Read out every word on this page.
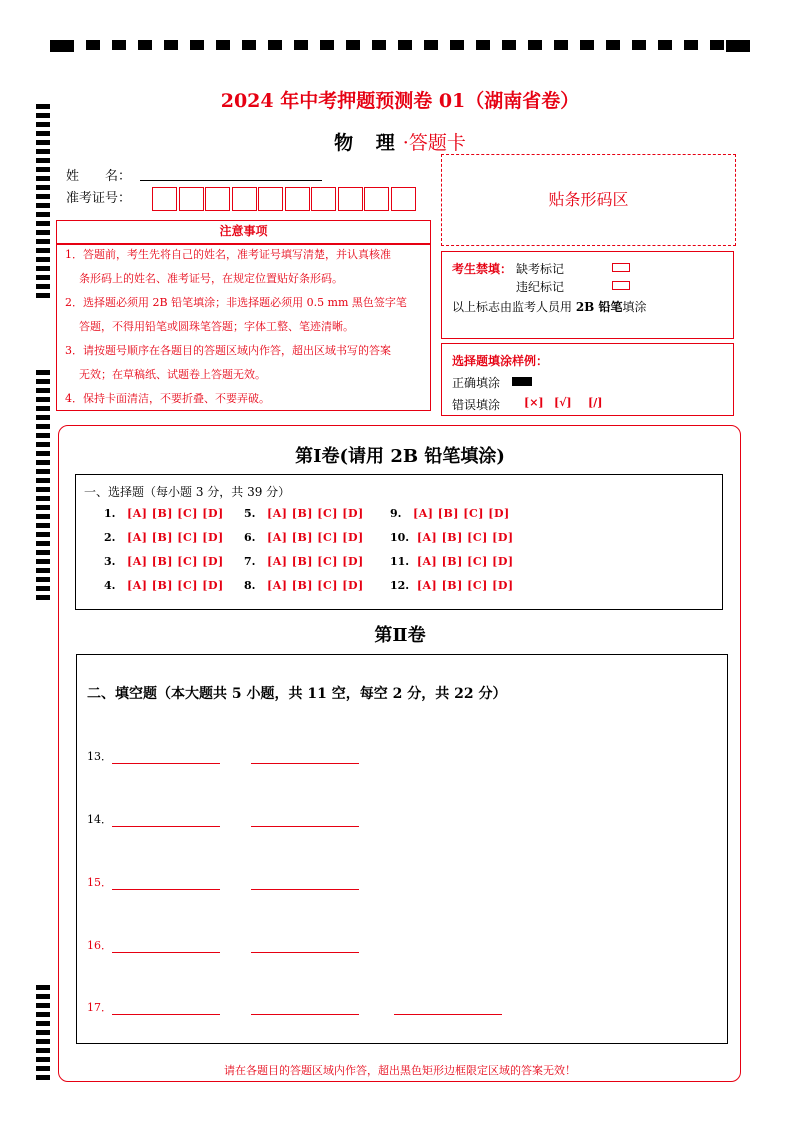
2024 年中考押题预测卷 01（湖南省卷）
物 理·答题卡
姓　　名：
准考证号：	贴条形码区
注意事项
1．答题前，考生先将自己的姓名，准考证号填写清楚，并认真核准
条形码上的姓名、准考证号，在规定位置贴好条形码。
2．选择题必须用 2B 铅笔填涂；非选择题必须用 0.5 mm 黑色签字笔
答题，不得用铅笔或圆珠笔答题；字体工整、笔迹清晰。
3．请按题号顺序在各题目的答题区域内作答，超出区域书写的答案
无效；在草稿纸、试题卷上答题无效。
4．保持卡面清洁，不要折叠、不要弄破。
考生禁填： 缺考标记
违纪标记
以上标志由监考人员用 2B 铅笔填涂
选择题填涂样例：
正确填涂
错误填涂 [×] [√] [/]
第Ⅰ卷(请用 2B 铅笔填涂)
一、选择题（每小题 3 分，共 39 分）
1. [A] [B] [C] [D]
2. [A] [B] [C] [D]
3. [A] [B] [C] [D]
4. [A] [B] [C] [D]
5. [A] [B] [C] [D]
6. [A] [B] [C] [D]
7. [A] [B] [C] [D]
8. [A] [B] [C] [D]
9. [A] [B] [C] [D]
10. [A] [B] [C] [D]
11. [A] [B] [C] [D]
12. [A] [B] [C] [D]
第Ⅱ卷
二、填空题（本大题共 5 小题，共 11 空，每空 2 分，共 22 分）
13．
14．
15．
16．
17．
请在各题目的答题区域内作答，超出黑色矩形边框限定区域的答案无效！
